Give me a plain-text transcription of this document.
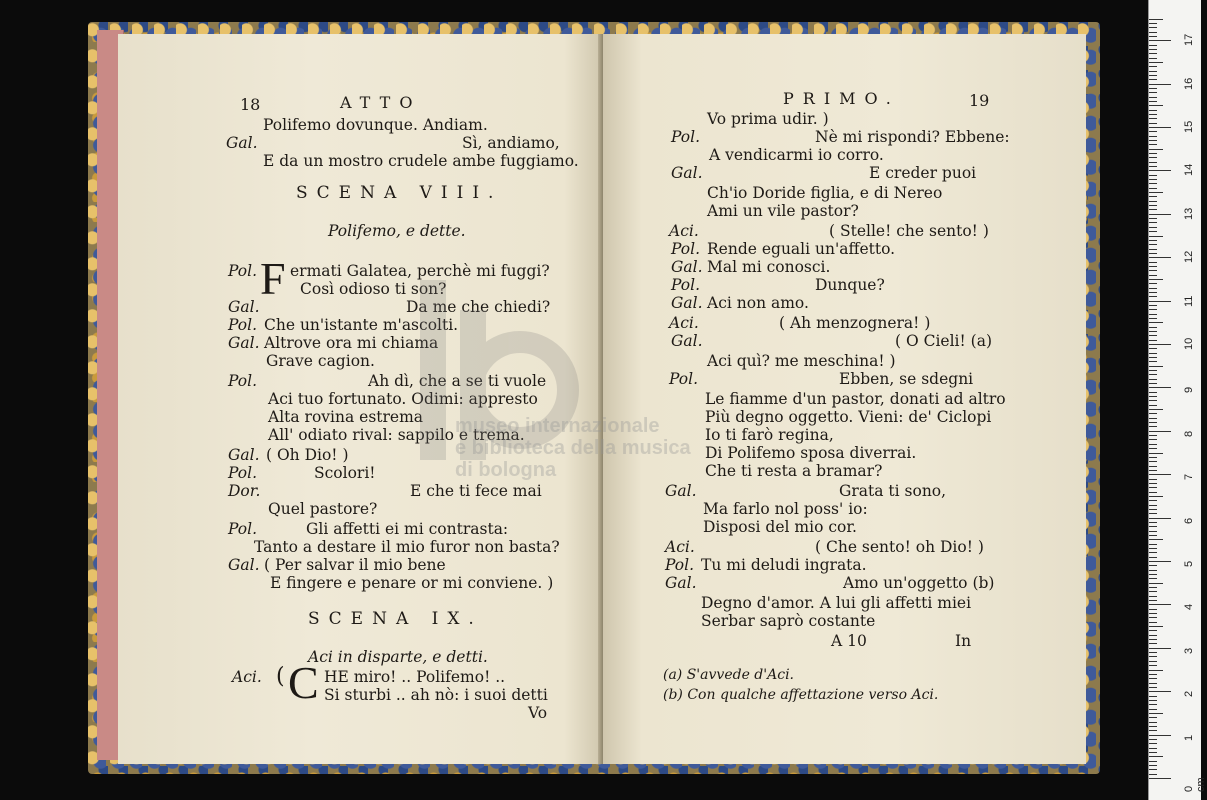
18	ATTO
Polifemo dovunque. Andiam.
Gal.	Sì, andiamo,
E da un mostro crudele ambe fuggiamo.
SCENA VIII.
Polifemo, e dette.
F
Pol. ermati Galatea, perchè mi fuggi?
Così odioso ti son?
Gal.	Da me che chiedi?
Pol. Che un'istante m'ascolti.
Gal. Altrove ora mi chiama
Grave cagion.
Pol.	Ah dì, che a se ti vuole
Aci tuo fortunato. Odimi: appresto
Alta rovina estrema
All' odiato rival: sappilo e trema.
Gal. ( Oh Dio! )
Pol.	Scolori!
Dor.	E che ti fece mai
Quel pastore?
Pol.	Gli affetti ei mi contrasta:
Tanto a destare il mio furor non basta?
Gal. ( Per salvar il mio bene
E fingere e penare or mi conviene. )
SCENA IX.
Aci in disparte, e detti.
Aci. ( C HE miro! .. Polifemo! ..
Si sturbi .. ah nò: i suoi detti
Vo
PRIMO.	19
Vo prima udir. )
Pol.	Nè mi rispondi? Ebbene:
A vendicarmi io corro.
Gal.	E creder puoi
Ch'io Doride figlia, e di Nereo
Ami un vile pastor?
Aci.	( Stelle! che sento! )
Pol. Rende eguali un'affetto.
Gal. Mal mi conosci.
Pol.	Dunque?
Gal. Aci non amo.
Aci.	( Ah menzognera! )
Gal.	( O Cieli! (a)
Aci quì? me meschina! )
Pol.	Ebben, se sdegni
Le fiamme d'un pastor, donati ad altro
Più degno oggetto. Vieni: de' Ciclopi
Io ti farò regina,
Di Polifemo sposa diverrai.
Che ti resta a bramar?
Gal.	Grata ti sono,
Ma farlo nol poss' io:
Disposi del mio cor.
Aci.	( Che sento! oh Dio! )
Pol. Tu mi deludi ingrata.
Gal.	Amo un'oggetto (b)
Degno d'amor. A lui gli affetti miei
Serbar saprò costante
A 10	In
(a) S'avvede d'Aci.
(b) Con qualche affettazione verso Aci.
museo internazionale
e biblioteca della musica
di bologna
0 cm
1
2
3
4
5
6
7
8
9
10
11
12
13
14
15
16
17
